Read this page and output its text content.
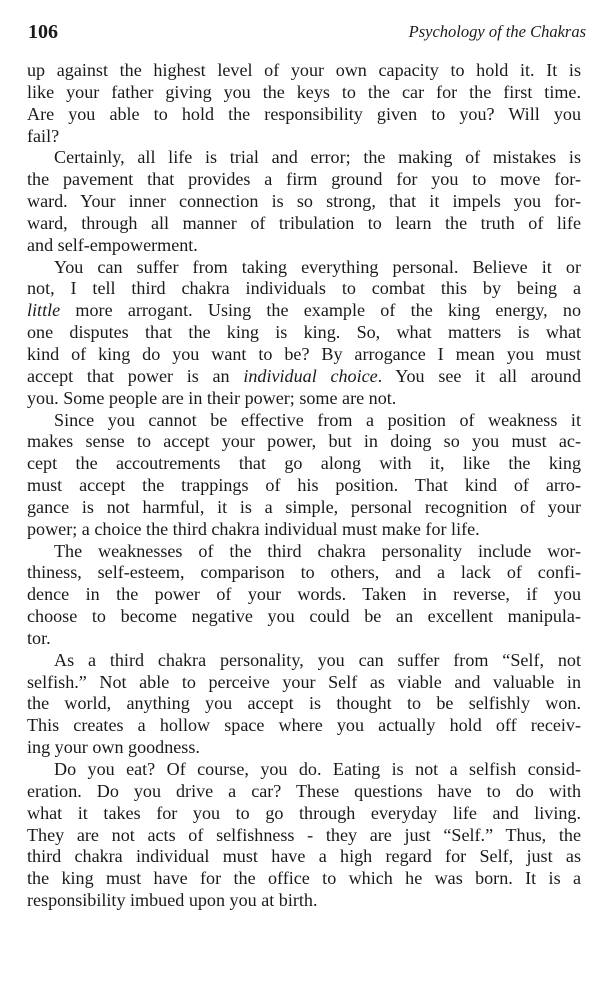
106	Psychology of the Chakras
up against the highest level of your own capacity to hold it. It is
like your father giving you the keys to the car for the first time.
Are you able to hold the responsibility given to you? Will you
fail?
Certainly, all life is trial and error; the making of mistakes is
the pavement that provides a firm ground for you to move for-
ward. Your inner connection is so strong, that it impels you for-
ward, through all manner of tribulation to learn the truth of life
and self-empowerment.
You can suffer from taking everything personal. Believe it or
not, I tell third chakra individuals to combat this by being a
little more arrogant. Using the example of the king energy, no
one disputes that the king is king. So, what matters is what
kind of king do you want to be? By arrogance I mean you must
accept that power is an individual choice. You see it all around
you. Some people are in their power; some are not.
Since you cannot be effective from a position of weakness it
makes sense to accept your power, but in doing so you must ac-
cept the accoutrements that go along with it, like the king
must accept the trappings of his position. That kind of arro-
gance is not harmful, it is a simple, personal recognition of your
power; a choice the third chakra individual must make for life.
The weaknesses of the third chakra personality include wor-
thiness, self-esteem, comparison to others, and a lack of confi-
dence in the power of your words. Taken in reverse, if you
choose to become negative you could be an excellent manipula-
tor.
As a third chakra personality, you can suffer from “Self, not
selfish.” Not able to perceive your Self as viable and valuable in
the world, anything you accept is thought to be selfishly won.
This creates a hollow space where you actually hold off receiv-
ing your own goodness.
Do you eat? Of course, you do. Eating is not a selfish consid-
eration. Do you drive a car? These questions have to do with
what it takes for you to go through everyday life and living.
They are not acts of selfishness - they are just “Self.” Thus, the
third chakra individual must have a high regard for Self, just as
the king must have for the office to which he was born. It is a
responsibility imbued upon you at birth.
